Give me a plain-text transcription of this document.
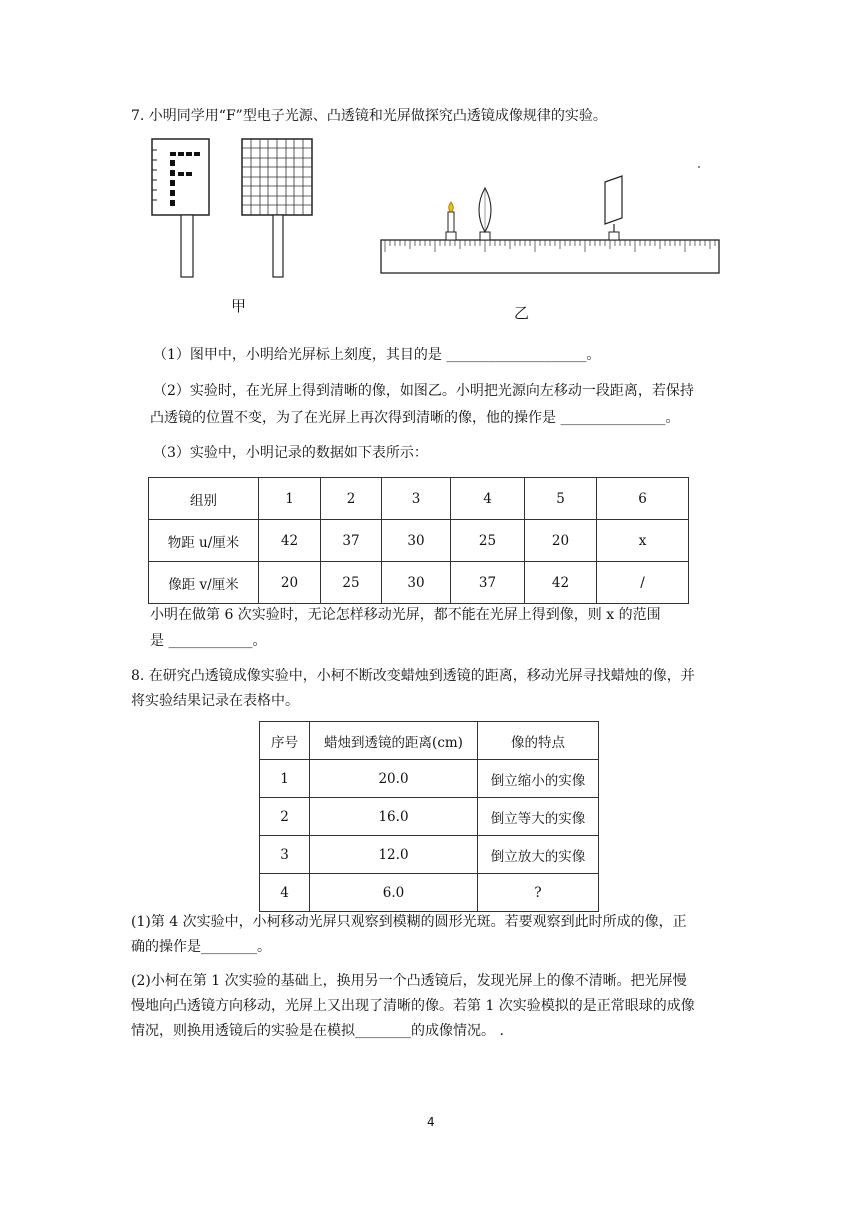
7. 小明同学用“F”型电子光源、凸透镜和光屏做探究凸透镜成像规律的实验。
甲	乙
（1）图甲中，小明给光屏标上刻度，其目的是 ____________________。
（2）实验时，在光屏上得到清晰的像，如图乙。小明把光源向左移动一段距离，若保持
凸透镜的位置不变，为了在光屏上再次得到清晰的像，他的操作是 _______________。
（3）实验中，小明记录的数据如下表所示：
组别	1	2	3	4	5	6
物距 u/厘米	42	37	30	25	20	x
像距 v/厘米	20	25	30	37	42	/
小明在做第 6 次实验时，无论怎样移动光屏，都不能在光屏上得到像，则 x 的范围
是 ____________。
8. 在研究凸透镜成像实验中，小柯不断改变蜡烛到透镜的距离，移动光屏寻找蜡烛的像，并
将实验结果记录在表格中。
序号	蜡烛到透镜的距离(cm)	像的特点
1	20.0	倒立缩小的实像
2	16.0	倒立等大的实像
3	12.0	倒立放大的实像
4	6.0	?
(1)第 4 次实验中，小柯移动光屏只观察到模糊的圆形光斑。若要观察到此时所成的像，正
确的操作是________。
(2)小柯在第 1 次实验的基础上，换用另一个凸透镜后，发现光屏上的像不清晰。把光屏慢
慢地向凸透镜方向移动，光屏上又出现了清晰的像。若第 1 次实验模拟的是正常眼球的成像
情况，则换用透镜后的实验是在模拟________的成像情况。 .
4
